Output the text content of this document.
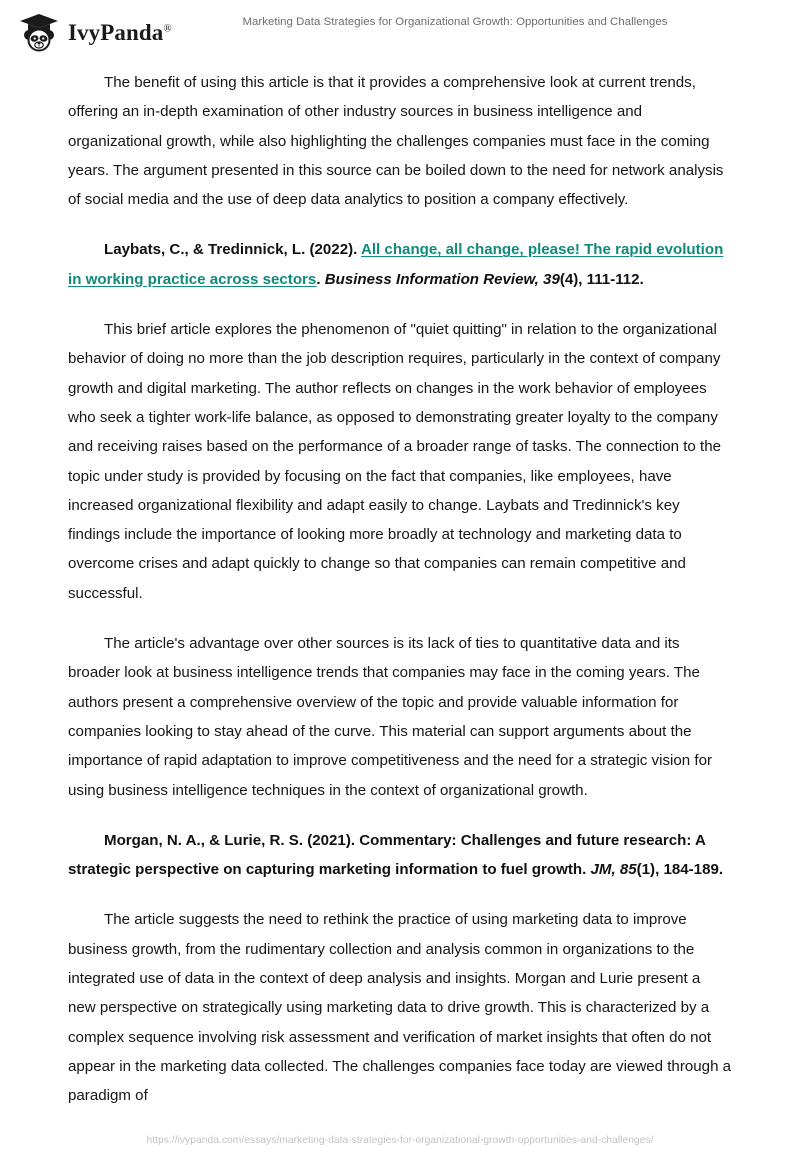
IvyPanda®	Marketing Data Strategies for Organizational Growth: Opportunities and Challenges

The benefit of using this article is that it provides a comprehensive look at current trends, offering an in-depth examination of other industry sources in business intelligence and organizational growth, while also highlighting the challenges companies must face in the coming years. The argument presented in this source can be boiled down to the need for network analysis of social media and the use of deep data analytics to position a company effectively.

Laybats, C., & Tredinnick, L. (2022). All change, all change, please! The rapid evolution in working practice across sectors. Business Information Review, 39(4), 111-112.

This brief article explores the phenomenon of "quiet quitting" in relation to the organizational behavior of doing no more than the job description requires, particularly in the context of company growth and digital marketing. The author reflects on changes in the work behavior of employees who seek a tighter work-life balance, as opposed to demonstrating greater loyalty to the company and receiving raises based on the performance of a broader range of tasks. The connection to the topic under study is provided by focusing on the fact that companies, like employees, have increased organizational flexibility and adapt easily to change. Laybats and Tredinnick's key findings include the importance of looking more broadly at technology and marketing data to overcome crises and adapt quickly to change so that companies can remain competitive and successful.

The article's advantage over other sources is its lack of ties to quantitative data and its broader look at business intelligence trends that companies may face in the coming years. The authors present a comprehensive overview of the topic and provide valuable information for companies looking to stay ahead of the curve. This material can support arguments about the importance of rapid adaptation to improve competitiveness and the need for a strategic vision for using business intelligence techniques in the context of organizational growth.

Morgan, N. A., & Lurie, R. S. (2021). Commentary: Challenges and future research: A strategic perspective on capturing marketing information to fuel growth. JM, 85(1), 184-189.

The article suggests the need to rethink the practice of using marketing data to improve business growth, from the rudimentary collection and analysis common in organizations to the integrated use of data in the context of deep analysis and insights. Morgan and Lurie present a new perspective on strategically using marketing data to drive growth. This is characterized by a complex sequence involving risk assessment and verification of market insights that often do not appear in the marketing data collected. The challenges companies face today are viewed through a paradigm of

https://ivypanda.com/essays/marketing-data-strategies-for-organizational-growth-opportunities-and-challenges/
